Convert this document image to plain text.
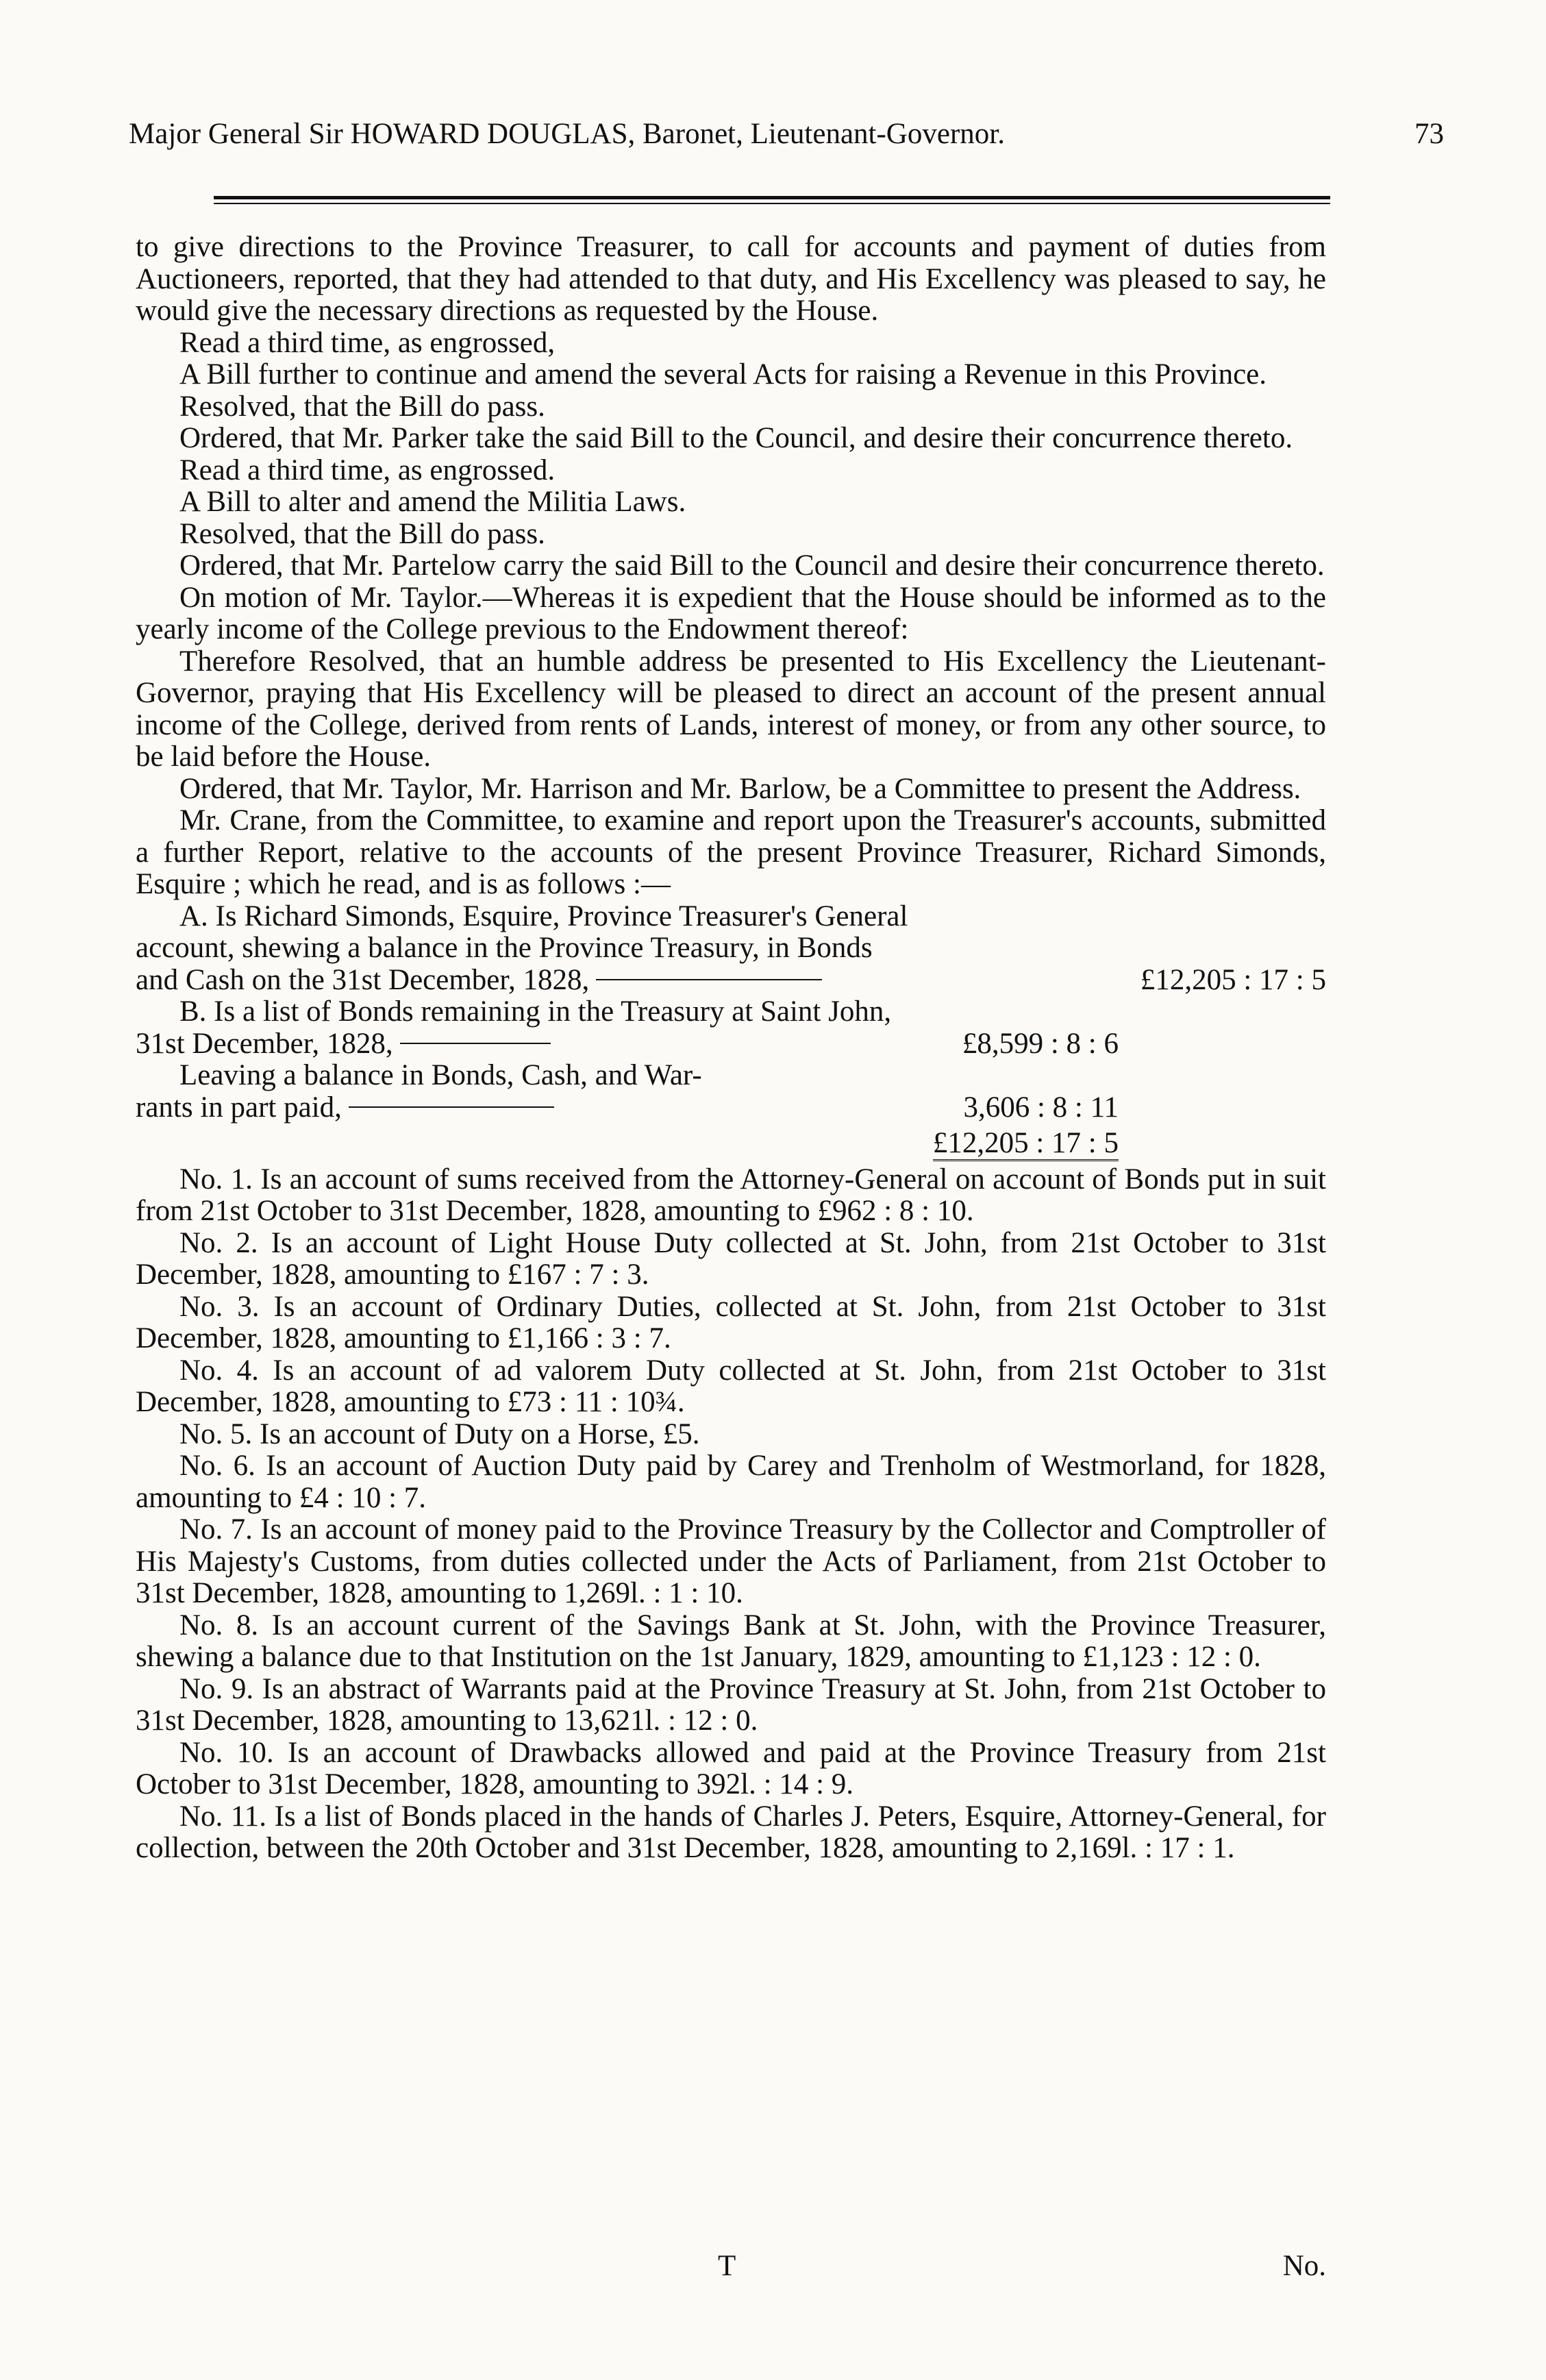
Major General Sir HOWARD DOUGLAS, Baronet, Lieutenant-Governor.	73

to give directions to the Province Treasurer, to call for accounts and payment of duties from Auctioneers, reported, that they had attended to that duty, and His Excellency was pleased to say, he would give the necessary directions as requested by the House.

Read a third time, as engrossed,

A Bill further to continue and amend the several Acts for raising a Revenue in this Province.

Resolved, that the Bill do pass.

Ordered, that Mr. Parker take the said Bill to the Council, and desire their concurrence thereto.

Read a third time, as engrossed.

A Bill to alter and amend the Militia Laws.

Resolved, that the Bill do pass.

Ordered, that Mr. Partelow carry the said Bill to the Council and desire their concurrence thereto.

On motion of Mr. Taylor.—Whereas it is expedient that the House should be informed as to the yearly income of the College previous to the Endowment thereof:

Therefore Resolved, that an humble address be presented to His Excellency the Lieutenant-Governor, praying that His Excellency will be pleased to direct an account of the present annual income of the College, derived from rents of Lands, interest of money, or from any other source, to be laid before the House.

Ordered, that Mr. Taylor, Mr. Harrison and Mr. Barlow, be a Committee to present the Address.

Mr. Crane, from the Committee, to examine and report upon the Treasurer's accounts, submitted a further Report, relative to the accounts of the present Province Treasurer, Richard Simonds, Esquire ; which he read, and is as follows :—

A. Is Richard Simonds, Esquire, Province Treasurer's General		
account, shewing a balance in the Province Treasury, in Bonds		
and Cash on the 31st December, 1828,		£12,205 : 17 : 5
B. Is a list of Bonds remaining in the Treasury at Saint John,		
31st December, 1828,	£8,599 : 8 : 6	
Leaving a balance in Bonds, Cash, and War-		
rants in part paid,	3,606 : 8 : 11	
	£12,205 : 17 : 5	

No. 1. Is an account of sums received from the Attorney-General on account of Bonds put in suit from 21st October to 31st December, 1828, amounting to £962 : 8 : 10.

No. 2. Is an account of Light House Duty collected at St. John, from 21st October to 31st December, 1828, amounting to £167 : 7 : 3.

No. 3. Is an account of Ordinary Duties, collected at St. John, from 21st October to 31st December, 1828, amounting to £1,166 : 3 : 7.

No. 4. Is an account of ad valorem Duty collected at St. John, from 21st October to 31st December, 1828, amounting to £73 : 11 : 10¾.

No. 5. Is an account of Duty on a Horse, £5.

No. 6. Is an account of Auction Duty paid by Carey and Trenholm of Westmorland, for 1828, amounting to £4 : 10 : 7.

No. 7. Is an account of money paid to the Province Treasury by the Collector and Comptroller of His Majesty's Customs, from duties collected under the Acts of Parliament, from 21st October to 31st December, 1828, amounting to 1,269l. : 1 : 10.

No. 8. Is an account current of the Savings Bank at St. John, with the Province Treasurer, shewing a balance due to that Institution on the 1st January, 1829, amounting to £1,123 : 12 : 0.

No. 9. Is an abstract of Warrants paid at the Province Treasury at St. John, from 21st October to 31st December, 1828, amounting to 13,621l. : 12 : 0.

No. 10. Is an account of Drawbacks allowed and paid at the Province Treasury from 21st October to 31st December, 1828, amounting to 392l. : 14 : 9.

No. 11. Is a list of Bonds placed in the hands of Charles J. Peters, Esquire, Attorney-General, for collection, between the 20th October and 31st December, 1828, amounting to 2,169l. : 17 : 1.

T	No.
